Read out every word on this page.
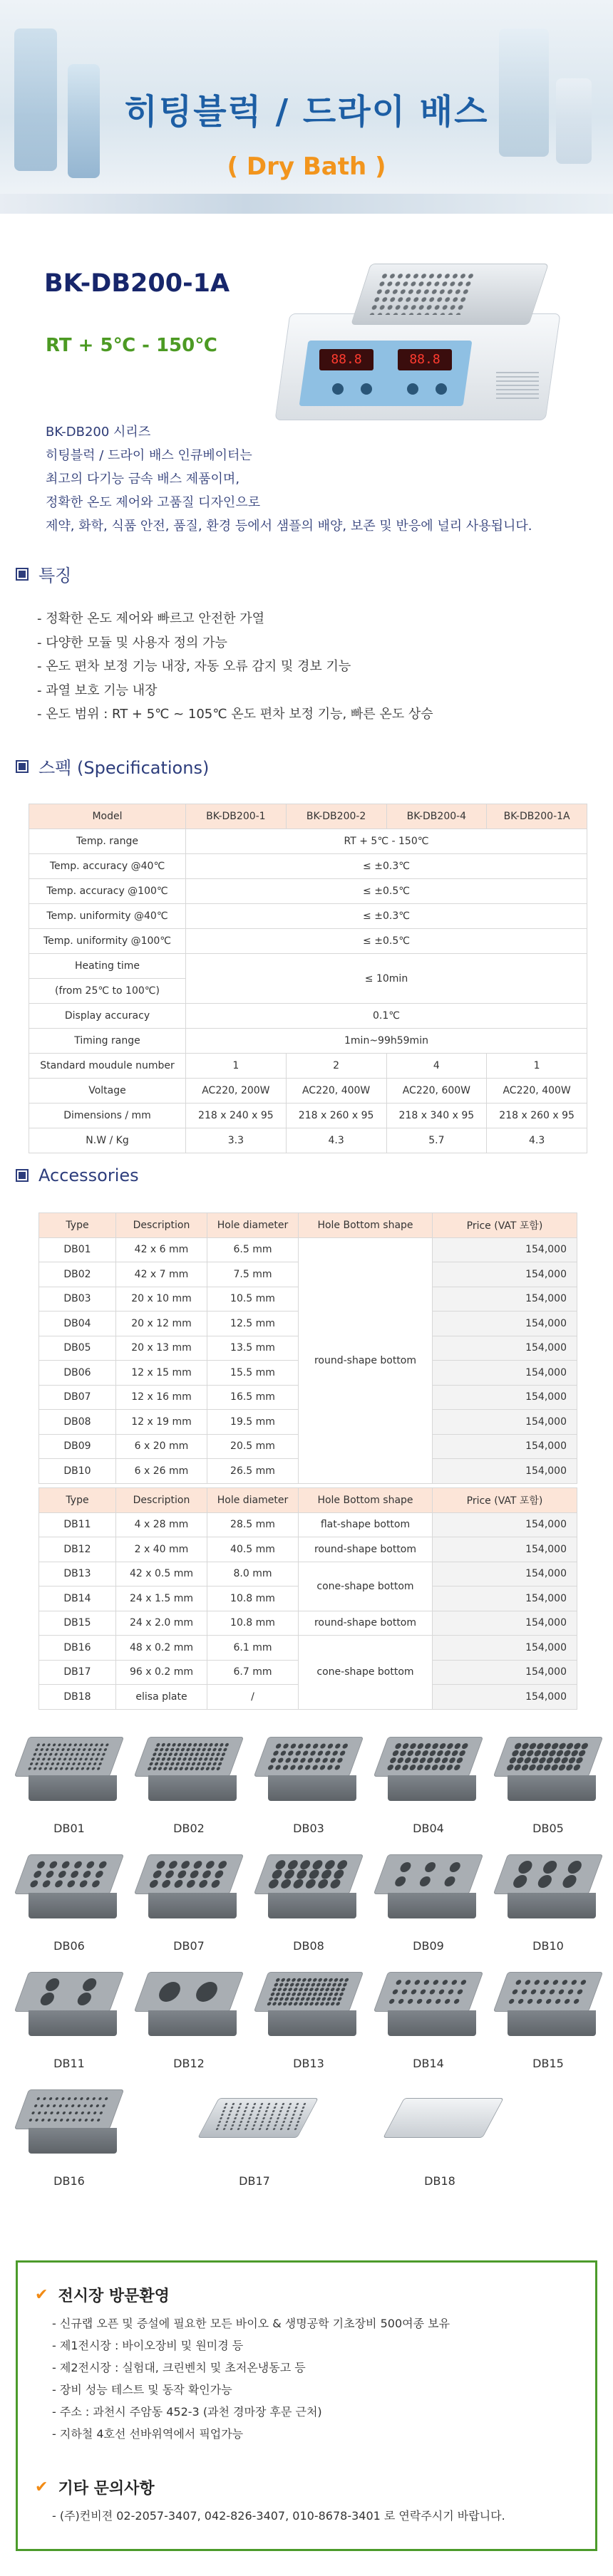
히팅블럭 / 드라이 배스
( Dry Bath )
BK-DB200-1A
RT + 5℃ - 150℃
88.8	88.8
BK-DB200 시리즈
히팅블럭 / 드라이 배스 인큐베이터는
최고의 다기능 금속 배스 제품이며,
정확한 온도 제어와 고품질 디자인으로
제약, 화학, 식품 안전, 품질, 환경 등에서 샘플의 배양, 보존 및 반응에 널리 사용됩니다.
특징
- 정확한 온도 제어와 빠르고 안전한 가열
- 다양한 모듈 및 사용자 정의 가능
- 온도 편차 보정 기능 내장, 자동 오류 감지 및 경보 기능
- 과열 보호 기능 내장
- 온도 범위 : RT + 5℃ ~ 105℃ 온도 편차 보정 기능, 빠른 온도 상승
스펙 (Specifications)
Model	BK-DB200-1	BK-DB200-2	BK-DB200-4	BK-DB200-1A
Temp. range	RT + 5℃ - 150℃			
Temp. accuracy @40℃	≤ ±0.3℃			
Temp. accuracy @100℃	≤ ±0.5℃			
Temp. uniformity @40℃	≤ ±0.3℃			
Temp. uniformity @100℃	≤ ±0.5℃			
Heating time	≤ 10min			
(from 25℃ to 100℃)				
Display accuracy	0.1℃			
Timing range	1min~99h59min			
Standard moudule number	1	2	4	1
Voltage	AC220, 200W	AC220, 400W	AC220, 600W	AC220, 400W
Dimensions / mm	218 x 240 x 95	218 x 260 x 95	218 x 340 x 95	218 x 260 x 95
N.W / Kg	3.3	4.3	5.7	4.3
Accessories
Type	Description	Hole diameter	Hole Bottom shape	Price (VAT 포함)
DB01	42 x 6 mm	6.5 mm	round-shape bottom	154,000
DB02	42 x 7 mm	7.5 mm		154,000
DB03	20 x 10 mm	10.5 mm		154,000
DB04	20 x 12 mm	12.5 mm		154,000
DB05	20 x 13 mm	13.5 mm		154,000
DB06	12 x 15 mm	15.5 mm		154,000
DB07	12 x 16 mm	16.5 mm		154,000
DB08	12 x 19 mm	19.5 mm		154,000
DB09	6 x 20 mm	20.5 mm		154,000
DB10	6 x 26 mm	26.5 mm		154,000
Type	Description	Hole diameter	Hole Bottom shape	Price (VAT 포함)
DB11	4 x 28 mm	28.5 mm	flat-shape bottom	154,000
DB12	2 x 40 mm	40.5 mm	round-shape bottom	154,000
DB13	42 x 0.5 mm	8.0 mm	cone-shape bottom	154,000
DB14	24 x 1.5 mm	10.8 mm		154,000
DB15	24 x 2.0 mm	10.8 mm	round-shape bottom	154,000
DB16	48 x 0.2 mm	6.1 mm	cone-shape bottom	154,000
DB17	96 x 0.2 mm	6.7 mm		154,000
DB18	elisa plate	/		154,000
DB01	DB02	DB03	DB04	DB05
DB06	DB07	DB08	DB09	DB10
DB11	DB12	DB13	DB14	DB15
DB16	DB17	DB18
✔ 전시장 방문환영
- 신규랩 오픈 및 증설에 필요한 모든 바이오 & 생명공학 기초장비 500여종 보유
- 제1전시장 : 바이오장비 및 원미경 등
- 제2전시장 : 실험대, 크린벤치 및 초저온냉동고 등
- 장비 성능 테스트 및 동작 확인가능
- 주소 : 과천시 주암동 452-3 (과천 경마장 후문 근처)
- 지하철 4호선 선바위역에서 픽업가능
✔ 기타 문의사항
- (주)컨비젼 02-2057-3407, 042-826-3407, 010-8678-3401 로 연락주시기 바랍니다.
